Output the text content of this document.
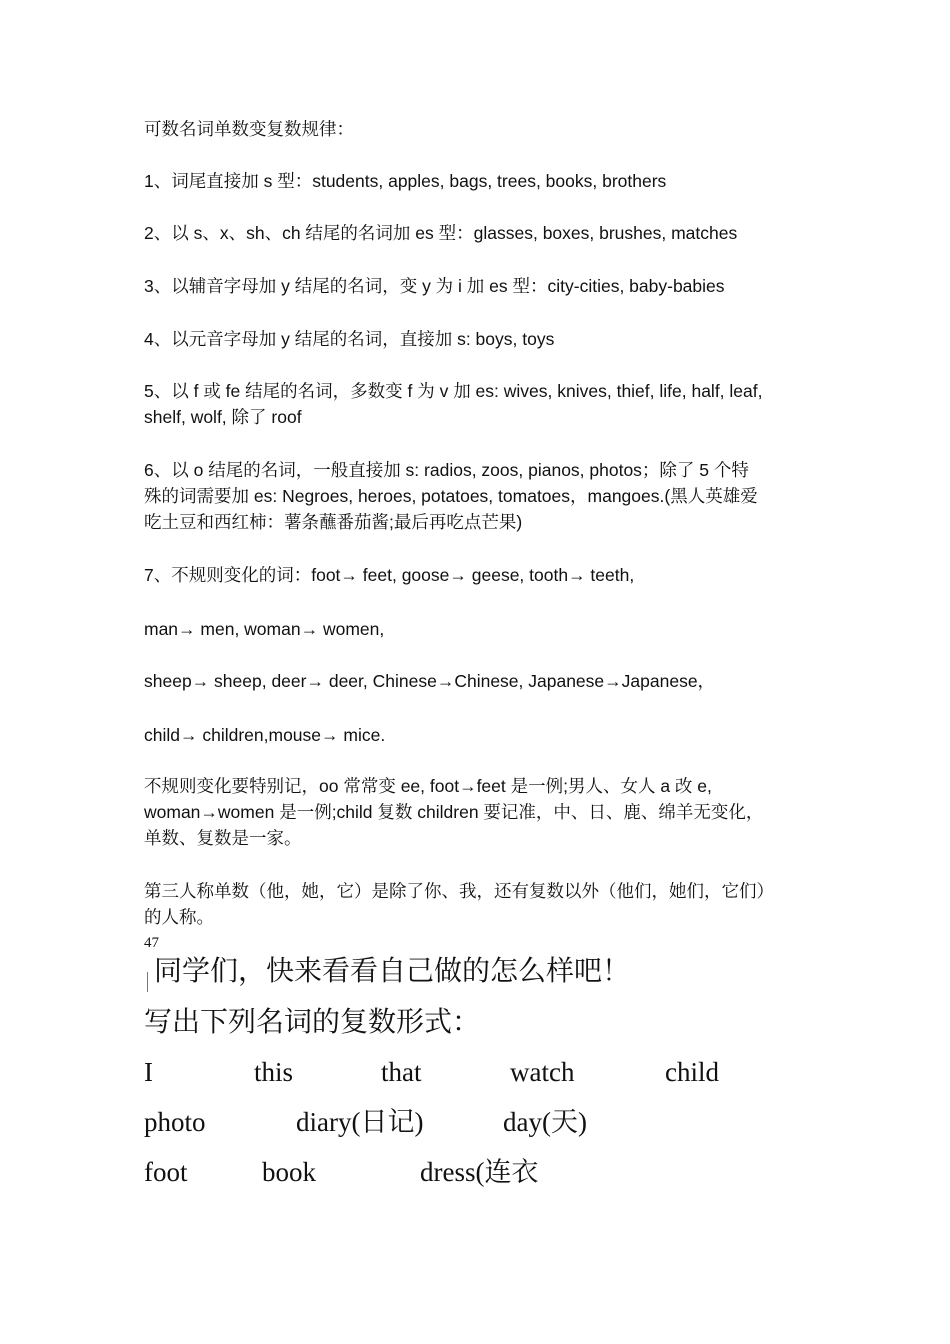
可数名词单数变复数规律：
1、词尾直接加 s 型：students, apples, bags, trees, books, brothers
2、以 s、x、sh、ch 结尾的名词加 es 型：glasses, boxes, brushes, matches
3、以辅音字母加 y 结尾的名词，变 y 为 i 加 es 型：city-cities, baby-babies
4、以元音字母加 y 结尾的名词，直接加 s: boys, toys
5、以 f 或 fe 结尾的名词，多数变 f 为 v 加 es: wives, knives, thief, life, half, leaf,
shelf, wolf, 除了 roof
6、以 o 结尾的名词，一般直接加 s: radios, zoos, pianos, photos；除了 5 个特
殊的词需要加 es: Negroes, heroes, potatoes, tomatoes，mangoes.(黑人英雄爱
吃土豆和西红柿：薯条蘸番茄酱;最后再吃点芒果)
7、不规则变化的词：foot→ feet, goose→ geese, tooth→ teeth,
man→ men, woman→ women,
sheep→ sheep, deer→ deer, Chinese→Chinese, Japanese→Japanese，
child→ children,mouse→ mice.
不规则变化要特别记，oo 常常变 ee, foot→feet 是一例;男人、女人 a 改 e,
woman→women 是一例;child 复数 children 要记准，中、日、鹿、绵羊无变化，
单数、复数是一家。
第三人称单数（他，她，它）是除了你、我，还有复数以外（他们，她们，它们）
的人称。
47
同学们，快来看看自己做的怎么样吧！
写出下列名词的复数形式：
I	this	that	watch	child
photo	diary(日记)	day(天)
foot	book	dress(连衣
